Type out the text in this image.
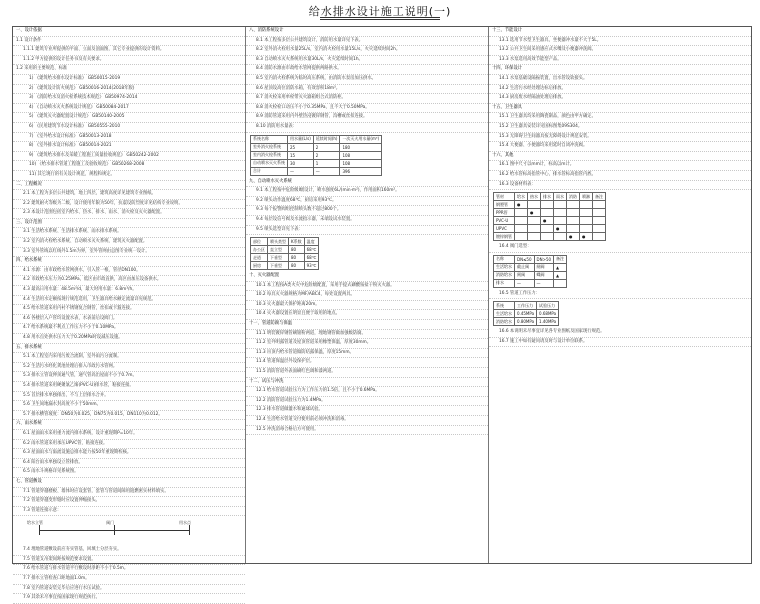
给水排水设计施工说明(一)
一、设计依据
1.1 设计条件
1.1.1 建筑专业所提供的平面、立面及剖面图，其它专业提供的设计资料。
1.1.2 甲方提供的设计任务书及有关要求。
1.2 采用的主要规范、标准
1) 《建筑给水排水设计标准》 GB50015-2019
2) 《建筑设计防火规范》 GB50016-2014(2018年版)
3) 《消防给水及消火栓系统技术规范》 GB50974-2014
4) 《自动喷水灭火系统设计规范》 GB50084-2017
5) 《建筑灭火器配置设计规范》 GB50140-2005
6) 《民用建筑节水设计标准》 GB50555-2010
7) 《室外给水设计标准》 GB50013-2018
8) 《室外排水设计标准》 GB50014-2021
9) 《建筑给水排水及采暖工程施工质量验收规范》 GB50242-2002
10) 《给水排水管道工程施工及验收规范》 GB50268-2008
11) 其它现行的有关设计规范、规程和规定。
二、工程概况
2.1 本工程为多层公共建筑，地上四层，建筑高度详见建筑专业图纸。
2.2 建筑耐火等级为二级，设计使用年限为50年，抗震设防烈度详见结构专业说明。
2.3 本设计范围包括室内给水、热水、排水、雨水、消火栓及灭火器配置。
三、设计范围
3.1 生活给水系统、生活排水系统、雨水排水系统。
3.2 室内消火栓给水系统、自动喷水灭火系统、建筑灭火器配置。
3.3 室外管线以红线外1.5m为界，室外管网由总图专业统一设计。
四、给水系统
4.1 水源：由市政给水管网供水，引入管一根，管径DN100。
4.2 市政给水压力为0.25MPa，低区由市政直供，高区由加压设备供水。
4.3 最高日用水量：48.5m³/d，最大时用水量：6.8m³/h。
4.4 生活用水定额按现行规范选用，卫生器具给水额定流量详见规范。
4.5 给水管道采用内衬不锈钢复合钢管，丝扣或卡箍连接。
4.6 各楼层入户管均设置水表，水表前后设阀门。
4.7 给水系统最不利点工作压力不小于0.10MPa。
4.8 用水点处供水压力大于0.20MPa时设减压设施。
五、排水系统
5.1 本工程室内采用污废合流制，室外雨污分流制。
5.2 生活污水经化粪池处理后排入市政污水管网。
5.3 排水立管设伸顶通气管，通气管高出屋面不小于0.7m。
5.4 排水管道采用硬聚氯乙烯(PVC-U)排水管，粘接连接。
5.5 首层排水单独排出，不与上层排水合并。
5.6 卫生间地漏水封高度不小于50mm。
5.7 排水横管坡度：DN50为0.025，DN75为0.015，DN110为0.012。
六、雨水系统
6.1 屋面雨水采用重力流内排水系统，设计重现期P=10年。
6.2 雨水管道采用承压UPVC管，粘接连接。
6.3 屋面雨水与溢流设施总排水能力按50年重现期校核。
6.4 阳台雨水单独设立管排放。
6.5 雨水斗规格详见系统图。
七、管道敷设
7.1 管道穿越楼板、墙体时应设套管，套管与管道间隙用阻燃密实材料填实。
7.2 管道穿越变形缝时应设置伸缩接头。
7.3 管道连接示意：
给水立管	阀门	用水点
7.4 埋地管道敷设前应夯实管基，回填土分层夯实。
7.5 管道支吊架间距按规范要求设置。
7.6 给水管道与排水管道平行敷设时净距不小于0.5m。
7.7 排水立管检查口距地面1.0m。
7.8 室内管道安装完毕后应进行水压试验。
7.9 其余未尽事宜按国家现行规范执行。
八、消防系统设计
8.1 本工程按多层公共建筑设计，消防用水量详见下表。
8.2 室外消火栓用水量25L/s，室内消火栓用水量15L/s，火灾延续时间2h。
8.3 自动喷水灭火系统用水量30L/s，火灾延续时间1h。
8.4 消防水源由市政给水管网提供两路供水。
8.5 室内消火栓系统为临时高压系统，由消防水泵房加压供水。
8.6 屋顶设高位消防水箱，有效容积18m³。
8.7 消火栓采用单栓带灭火器箱组合式消防柜。
8.8 消火栓栓口动压不小于0.35MPa，且不大于0.50MPa。
8.9 消防管道采用内外壁热浸镀锌钢管，沟槽或丝扣连接。
8.10 消防用水量表：
系统名称	用水量(L/s)	延续时间(h)	一次灭火用水量(m³)
室外消火栓系统	25	2	180
室内消火栓系统	15	2	108
自动喷水灭火系统	30	1	108
合计	—	—	396
九、自动喷水灭火系统
9.1 本工程按中危险级Ⅰ级设计，喷水强度6L/(min·m²)，作用面积160m²。
9.2 喷头动作温度68℃，厨房采用93℃。
9.3 每个报警阀组控制喷头数不超过800个。
9.4 每层设信号阀及水流指示器，末端设试水装置。
9.5 喷头选型详见下表：
部位	喷头类型	K系数	温度
办公区	直立型	80	68℃
走道	下垂型	80	68℃
厨房	下垂型	80	93℃
十、灭火器配置
10.1 本工程按A类火灾中危险级配置，采用手提式磷酸铵盐干粉灭火器。
10.2 每具灭火器规格为MF/ABC4，每处设置两具。
10.3 灭火器最大保护距离20m。
10.4 灭火器设置在明显且便于取用的地点。
十一、管道防腐与保温
11.1 明装镀锌钢管刷银粉两道，埋地钢管做加强级防腐。
11.2 室外明露管道及屋顶管道采用橡塑保温，厚度30mm。
11.3 吊顶内给水管道做防结露保温，厚度15mm。
11.4 管道保温层外设保护层。
11.5 消防管道外表面刷红色调和漆两道。
十二、试压与冲洗
12.1 给水管道试验压力为工作压力的1.5倍，且不小于0.6MPa。
12.2 消防管道试验压力为1.4MPa。
12.3 排水管道做灌水和通球试验。
12.4 生活给水管道交付使用前必须冲洗和消毒。
12.5 冲洗消毒合格后方可使用。
十三、节能设计
13.1 选用节水型卫生器具，坐便器冲水量不大于5L。
13.2 公共卫生间采用感应式水嘴及小便器冲洗阀。
13.3 水泵选用高效节能型产品。
十四、环保设计
14.1 水泵基础设隔振装置，出水管设软接头。
14.2 生活污水经处理达标后排放。
14.3 厨房废水经隔油处理后排放。
十五、卫生器具
15.1 卫生器具均采用陶瓷制品，颜色由甲方确定。
15.2 卫生器具安装详见国标图集09S304。
15.3 无障碍卫生间器具按无障碍设计规范安装。
15.4 大便器、小便器均采用延时自闭冲洗阀。
十六、其他
16.1 图中尺寸以mm计，标高以m计。
16.2 给水管标高指管中心，排水管标高指管内底。
16.3 设备材料表：
管材	给水	热水	排水	雨水	消防	喷淋	备注
钢塑管	●						
PPR管		●					
PVC-U			●				
UPVC				●			
镀锌钢管					●	●	
16.4 阀门选型：
名称	DN≤50	DN>50	备注
生活给水	截止阀	闸阀	▲
消防给水	闸阀	蝶阀	▲
排水	—	—	
16.5 管道工作压力：
系统	工作压力	试验压力
生活给水	0.45MPa	0.68MPa
消防给水	0.80MPa	1.40MPa
16.6 本说明未尽事宜详见各专业图纸及国家现行规范。
16.7 施工中如有疑问请及时与设计单位联系。
